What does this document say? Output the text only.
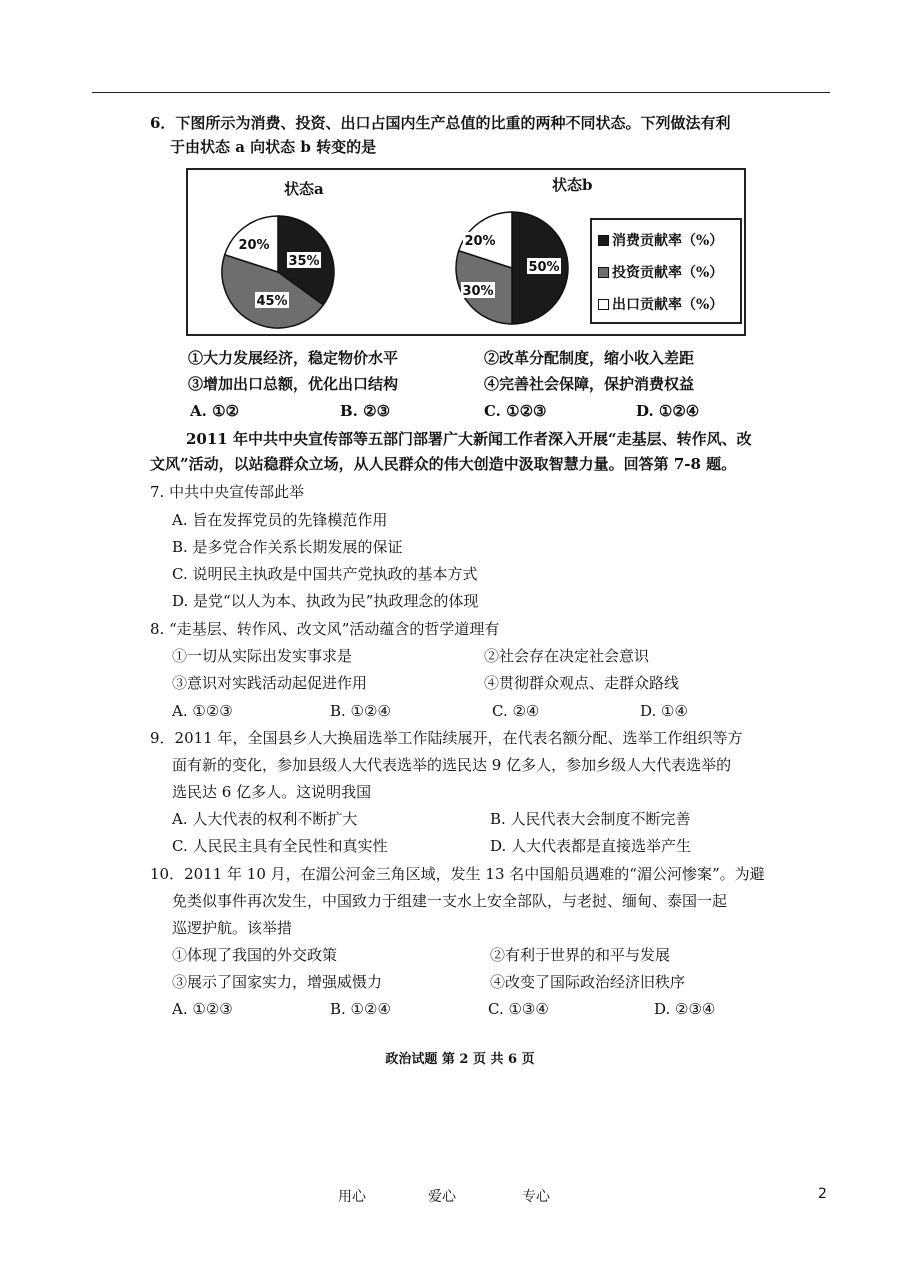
6．下图所示为消费、投资、出口占国内生产总值的比重的两种不同状态。下列做法有利
于由状态 a 向状态 b 转变的是
状态a	状态b
35%
45%
20%
50%
30%
20%	消费贡献率（%）
投资贡献率（%）
出口贡献率（%）
①大力发展经济，稳定物价水平	②改革分配制度，缩小收入差距
③增加出口总额，优化出口结构	④完善社会保障，保护消费权益
A. ①②	B. ②③	C. ①②③	D. ①②④
2011 年中共中央宣传部等五部门部署广大新闻工作者深入开展“走基层、转作风、改
文风”活动，以站稳群众立场，从人民群众的伟大创造中汲取智慧力量。回答第 7-8 题。
7. 中共中央宣传部此举
A. 旨在发挥党员的先锋模范作用
B. 是多党合作关系长期发展的保证
C. 说明民主执政是中国共产党执政的基本方式
D. 是党“以人为本、执政为民”执政理念的体现
8. “走基层、转作风、改文风”活动蕴含的哲学道理有
①一切从实际出发实事求是	②社会存在决定社会意识
③意识对实践活动起促进作用	④贯彻群众观点、走群众路线
A. ①②③	B. ①②④	C. ②④	D. ①④
9．2011 年，全国县乡人大换届选举工作陆续展开，在代表名额分配、选举工作组织等方
面有新的变化，参加县级人大代表选举的选民达 9 亿多人，参加乡级人大代表选举的
选民达 6 亿多人。这说明我国
A. 人大代表的权利不断扩大	B. 人民代表大会制度不断完善
C. 人民民主具有全民性和真实性	D. 人大代表都是直接选举产生
10．2011 年 10 月，在湄公河金三角区域，发生 13 名中国船员遇难的“湄公河惨案”。为避
免类似事件再次发生，中国致力于组建一支水上安全部队，与老挝、缅甸、泰国一起
巡逻护航。该举措
①体现了我国的外交政策	②有利于世界的和平与发展
③展示了国家实力，增强威慑力	④改变了国际政治经济旧秩序
A. ①②③	B. ①②④	C. ①③④	D. ②③④
政治试题 第 2 页 共 6 页
用心	爱心	专心	2
